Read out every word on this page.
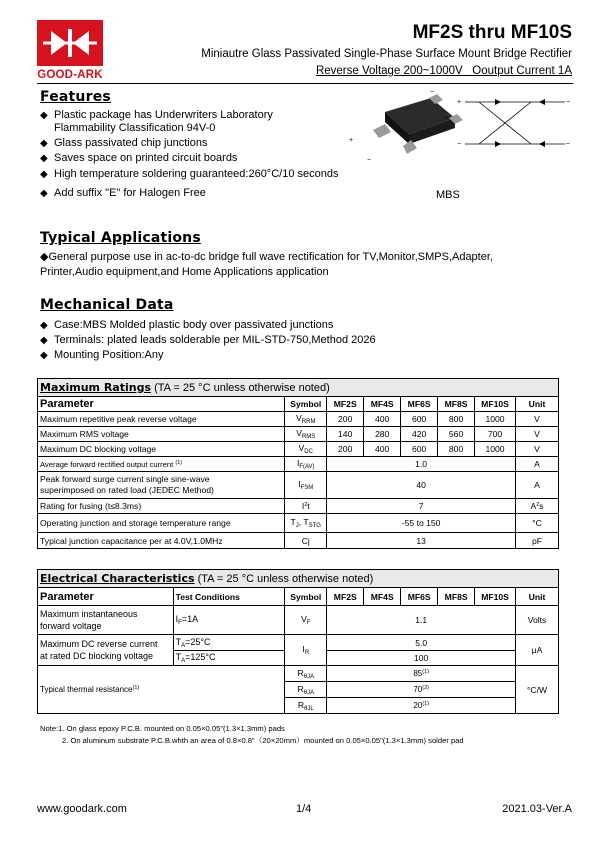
GOOD-ARK
MF2S thru MF10S
Miniautre Glass Passivated Single-Phase Surface Mount Bridge Rectifier
Reverse Voltage 200~1000V   Ooutput Current 1A
Features
◆ Plastic package has Underwriters Laboratory
Flammability Classification 94V-0
◆ Glass passivated chip junctions
◆ Saves space on printed circuit boards
◆ High temperature soldering guaranteed:260°C/10 seconds
◆ Add suffix "E" for Halogen Free
~
~
+
−
+	~
−	~
MBS
Typical Applications
◆General purpose use in ac-to-dc bridge full wave rectification for TV,Monitor,SMPS,Adapter,
Printer,Audio equipment,and Home Applications application
Mechanical Data
◆ Case:MBS Molded plastic body over passivated junctions
◆ Terminals: plated leads solderable per MIL-STD-750,Method 2026
◆ Mounting Position:Any
Maximum Ratings (TA = 25 °C unless otherwise noted)							
Parameter	Symbol	MF2S	MF4S	MF6S	MF8S	MF10S	Unit
Maximum repetitive peak reverse voltage	$V_{RRM}$	200	400	600	800	1000	V
Maximum RMS voltage	$V_{RMS}$	140	280	420	560	700	V
Maximum DC blocking voltage	$V_{DC}$	200	400	600	800	1000	V
Average forward rectified output current $^{(1)}$	$I_{F(AV)}$	1.0					A

Peak forward surge current single sine-wave
superimposed on rated load (JEDEC Method)	$I_{FSM}$	40					A
Rating for fusing (t≤8.3ms)	$I^2t$	7					$A^2s$
Operating junction and storage temperature range	$T_J$, $T_{STG}$	-55 to 150					°C
Typical junction capacitance per at 4.0V,1.0MHz	Cj	13					pF
Electrical Characteristics (TA = 25 °C unless otherwise noted)								
Parameter	Test Conditions	Symbol	MF2S	MF4S	MF6S	MF8S	MF10S	Unit

Maximum instantaneous
forward voltage	$I_F=1A$	$V_F$	1.1					Volts

Maximum DC reverse current
at rated DC blocking voltage	$T_A=25^\circ C$	$I_R$	5.0					μA
	$T_A=125^\circ C$		100					
Typical thermal resistance$^{(1)}$		$R_{\theta JA}$	85$^{(1)}$					°C/W
		$R_{\theta JA}$	70$^{(2)}$
		$R_{\theta JL}$	20$^{(1)}$
Note:1. On glass epoxy P.C.B. mounted on 0.05×0.05"(1.3×1.3mm) pads
2. On aluminum substrate P.C.B.whth an area of 0.8×0.8"（20×20mm）mounted on 0.05×0.05"(1.3×1.3mm) solder pad
www.goodark.com	1/4	2021.03-Ver.A
